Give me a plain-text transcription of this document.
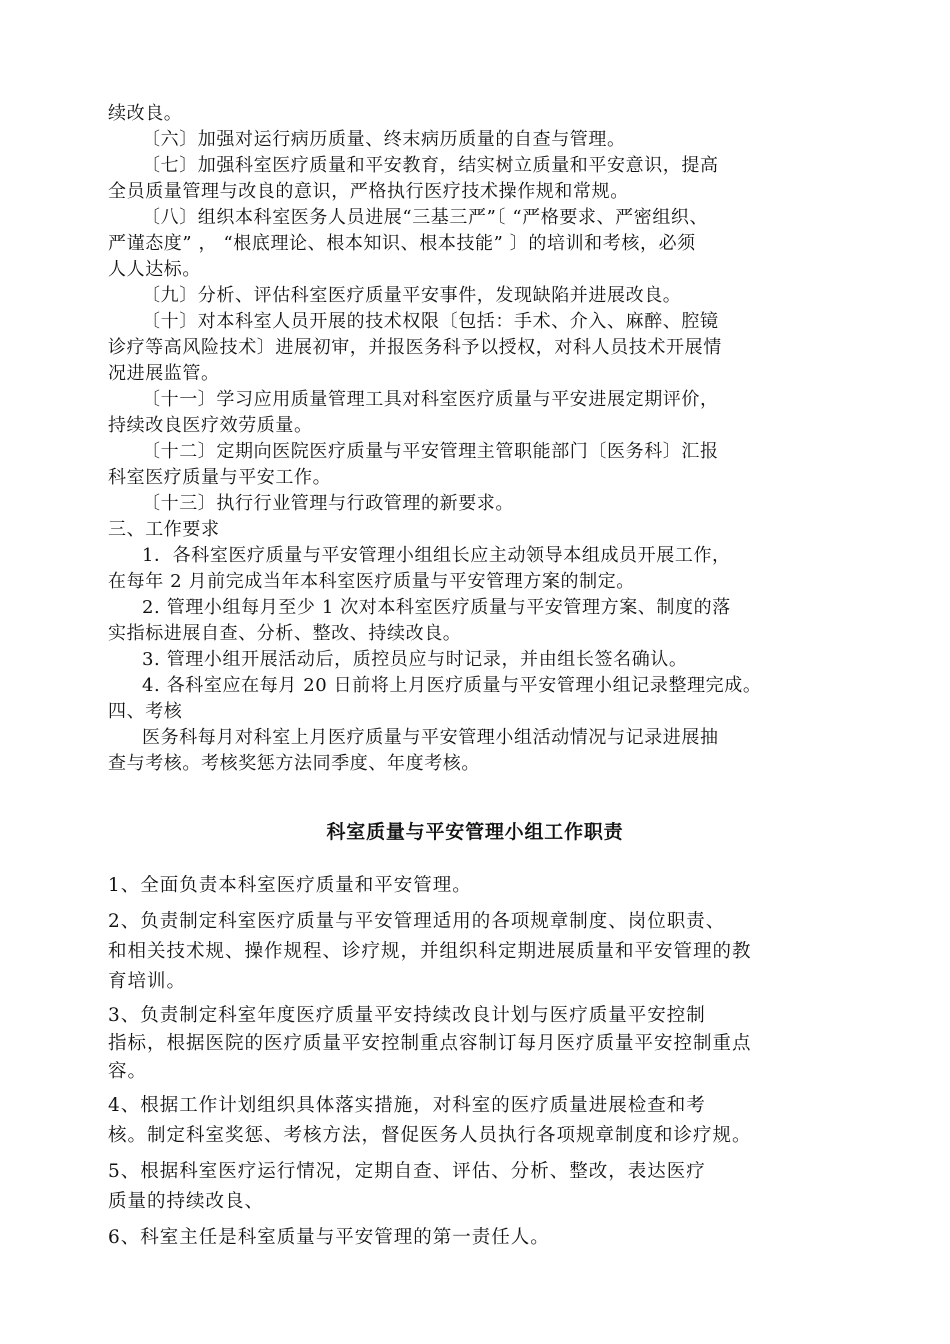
续改良。
〔六〕加强对运行病历质量、终末病历质量的自查与管理。
〔七〕加强科室医疗质量和平安教育，结实树立质量和平安意识，提高
全员质量管理与改良的意识，严格执行医疗技术操作规和常规。
〔八〕组织本科室医务人员进展“三基三严”〔 “严格要求、严密组织、
严谨态度” ， “根底理论、根本知识、根本技能” 〕的培训和考核，必须
人人达标。
〔九〕分析、评估科室医疗质量平安事件，发现缺陷并进展改良。
〔十〕对本科室人员开展的技术权限〔包括：手术、介入、麻醉、腔镜
诊疗等高风险技术〕进展初审，并报医务科予以授权，对科人员技术开展情
况进展监管。
〔十一〕学习应用质量管理工具对科室医疗质量与平安进展定期评价，
持续改良医疗效劳质量。
〔十二〕定期向医院医疗质量与平安管理主管职能部门〔医务科〕汇报
科室医疗质量与平安工作。
〔十三〕执行行业管理与行政管理的新要求。
三、工作要求
1．各科室医疗质量与平安管理小组组长应主动领导本组成员开展工作，
在每年 2 月前完成当年本科室医疗质量与平安管理方案的制定。
2. 管理小组每月至少 1 次对本科室医疗质量与平安管理方案、制度的落
实指标进展自查、分析、整改、持续改良。
3. 管理小组开展活动后，质控员应与时记录，并由组长签名确认。
4. 各科室应在每月 20 日前将上月医疗质量与平安管理小组记录整理完成。
四、考核
医务科每月对科室上月医疗质量与平安管理小组活动情况与记录进展抽
查与考核。考核奖惩方法同季度、年度考核。
科室质量与平安管理小组工作职责
1、全面负责本科室医疗质量和平安管理。
2、负责制定科室医疗质量与平安管理适用的各项规章制度、岗位职责、
和相关技术规、操作规程、诊疗规，并组织科定期进展质量和平安管理的教
育培训。
3、负责制定科室年度医疗质量平安持续改良计划与医疗质量平安控制
指标，根据医院的医疗质量平安控制重点容制订每月医疗质量平安控制重点
容。
4、根据工作计划组织具体落实措施，对科室的医疗质量进展检查和考
核。制定科室奖惩、考核方法，督促医务人员执行各项规章制度和诊疗规。
5、根据科室医疗运行情况，定期自查、评估、分析、整改，表达医疗
质量的持续改良、
6、科室主任是科室质量与平安管理的第一责任人。
